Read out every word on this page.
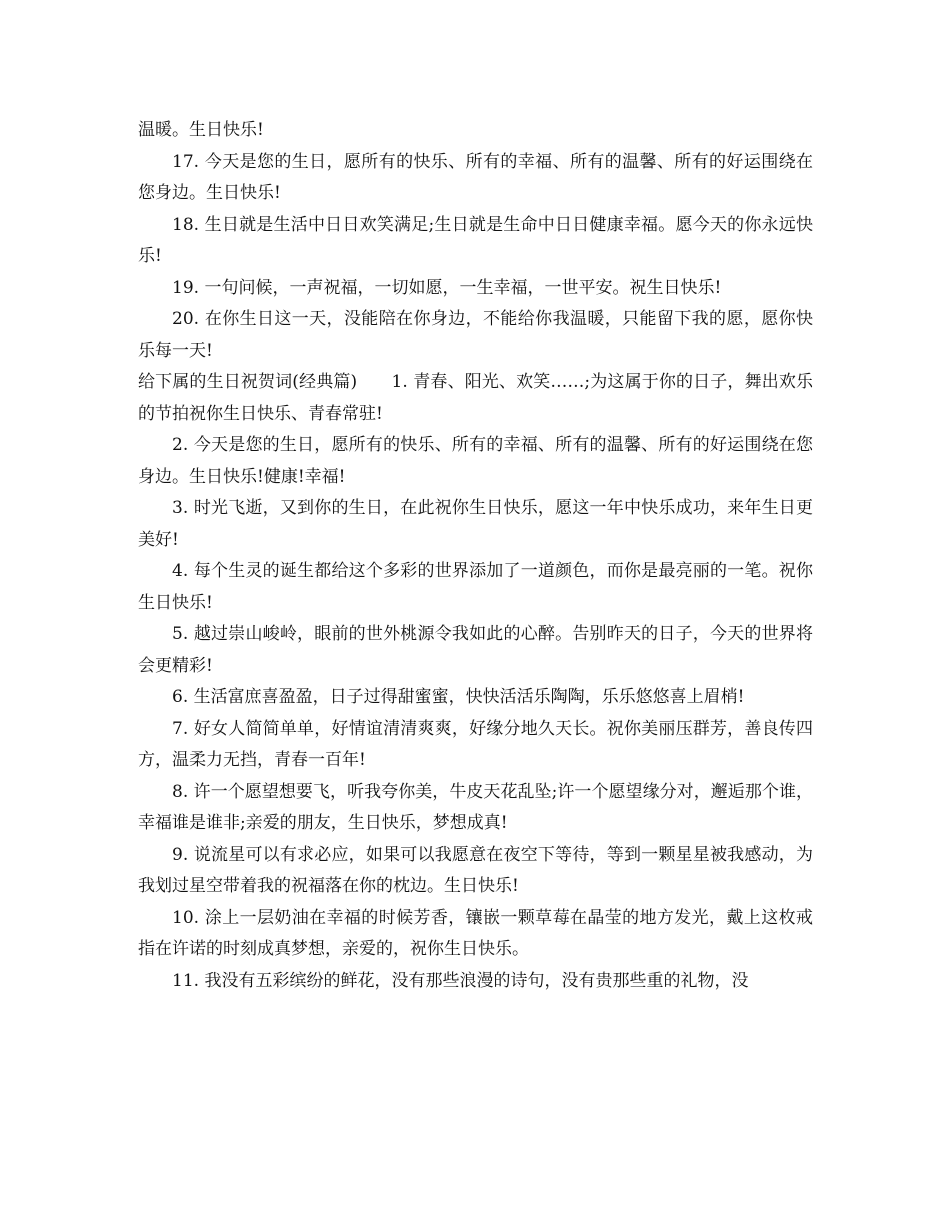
温暖。生日快乐!

17. 今天是您的生日，愿所有的快乐、所有的幸福、所有的温馨、所有的好运围绕在您身边。生日快乐!

18. 生日就是生活中日日欢笑满足;生日就是生命中日日健康幸福。愿今天的你永远快乐!

19. 一句问候，一声祝福，一切如愿，一生幸福，一世平安。祝生日快乐!

20. 在你生日这一天，没能陪在你身边，不能给你我温暖，只能留下我的愿，愿你快乐每一天!

给下属的生日祝贺词(经典篇)　　1. 青春、阳光、欢笑……;为这属于你的日子，舞出欢乐的节拍祝你生日快乐、青春常驻!

2. 今天是您的生日，愿所有的快乐、所有的幸福、所有的温馨、所有的好运围绕在您身边。生日快乐!健康!幸福!

3. 时光飞逝，又到你的生日，在此祝你生日快乐，愿这一年中快乐成功，来年生日更美好!

4. 每个生灵的诞生都给这个多彩的世界添加了一道颜色，而你是最亮丽的一笔。祝你生日快乐!

5. 越过崇山峻岭，眼前的世外桃源令我如此的心醉。告别昨天的日子，今天的世界将会更精彩!

6. 生活富庶喜盈盈，日子过得甜蜜蜜，快快活活乐陶陶，乐乐悠悠喜上眉梢!

7. 好女人简简单单，好情谊清清爽爽，好缘分地久天长。祝你美丽压群芳，善良传四方，温柔力无挡，青春一百年!

8. 许一个愿望想要飞，听我夸你美，牛皮天花乱坠;许一个愿望缘分对，邂逅那个谁，幸福谁是谁非;亲爱的朋友，生日快乐，梦想成真!

9. 说流星可以有求必应，如果可以我愿意在夜空下等待，等到一颗星星被我感动，为我划过星空带着我的祝福落在你的枕边。生日快乐!

10. 涂上一层奶油在幸福的时候芳香，镶嵌一颗草莓在晶莹的地方发光，戴上这枚戒指在许诺的时刻成真梦想，亲爱的，祝你生日快乐。

11. 我没有五彩缤纷的鲜花，没有那些浪漫的诗句，没有贵那些重的礼物，没
